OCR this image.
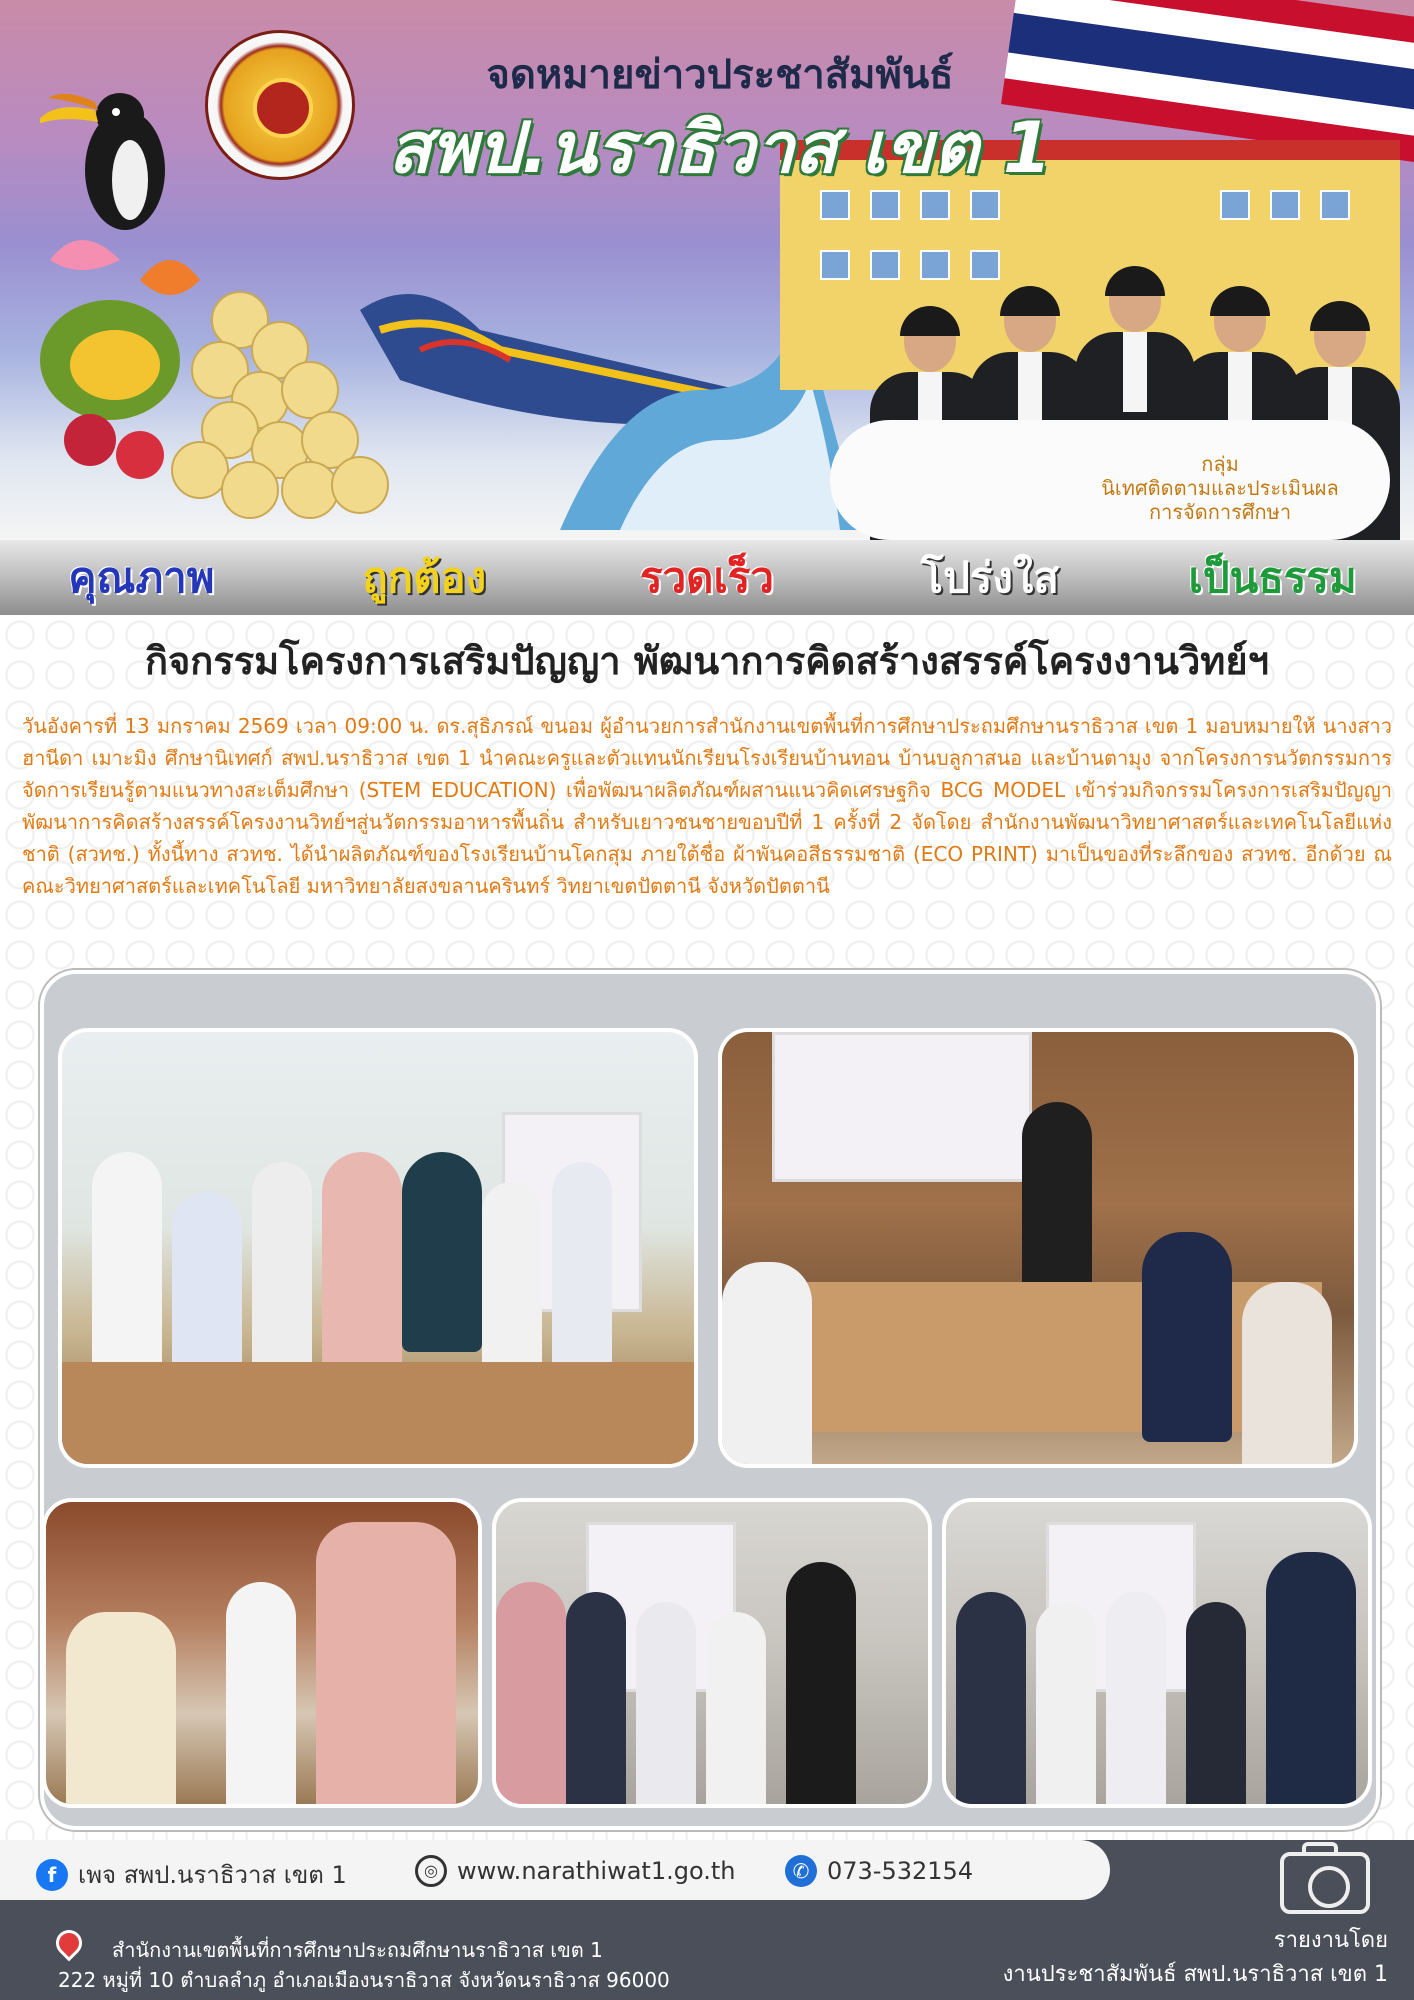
กลุ่ม
นิเทศติดตามและประเมินผล
การจัดการศึกษา
จดหมายข่าวประชาสัมพันธ์
สพป.นราธิวาส เขต 1
คุณภาพ	ถูกต้อง	รวดเร็ว	โปร่งใส	เป็นธรรม
กิจกรรมโครงการเสริมปัญญา พัฒนาการคิดสร้างสรรค์โครงงานวิทย์ฯ
วันอังคารที่ 13 มกราคม 2569 เวลา 09:00 น. ดร.สุธิภรณ์ ขนอม ผู้อำนวยการสำนักงานเขตพื้นที่การศึกษาประถมศึกษานราธิวาส เขต 1 มอบหมายให้ นางสาวฮานีดา เมาะมิง ศึกษานิเทศก์ สพป.นราธิวาส เขต 1 นำคณะครูและตัวแทนนักเรียนโรงเรียนบ้านทอน บ้านบลูกาสนอ และบ้านตามุง จากโครงการนวัตกรรมการจัดการเรียนรู้ตามแนวทางสะเต็มศึกษา (STEM EDUCATION) เพื่อพัฒนาผลิตภัณฑ์ผสานแนวคิดเศรษฐกิจ BCG MODEL เข้าร่วมกิจกรรมโครงการเสริมปัญญา พัฒนาการคิดสร้างสรรค์โครงงานวิทย์ฯสู่นวัตกรรมอาหารพื้นถิ่น สำหรับเยาวชนชายขอบปีที่ 1 ครั้งที่ 2 จัดโดย สำนักงานพัฒนาวิทยาศาสตร์และเทคโนโลยีแห่งชาติ (สวทช.) ทั้งนี้ทาง สวทช. ได้นำผลิตภัณฑ์ของโรงเรียนบ้านโคกสุม ภายใต้ชื่อ ผ้าพันคอสีธรรมชาติ (ECO PRINT) มาเป็นของที่ระลึกของ สวทช. อีกด้วย ณ คณะวิทยาศาสตร์และเทคโนโลยี มหาวิทยาลัยสงขลานครินทร์ วิทยาเขตปัตตานี จังหวัดปัตตานี
f เพจ สพป.นราธิวาส เขต 1	◎ www.narathiwat1.go.th	✆ 073-532154
สำนักงานเขตพื้นที่การศึกษาประถมศึกษานราธิวาส เขต 1
222 หมู่ที่ 10 ตำบลลำภู อำเภอเมืองนราธิวาส จังหวัดนราธิวาส 96000
รายงานโดย
งานประชาสัมพันธ์ สพป.นราธิวาส เขต 1
